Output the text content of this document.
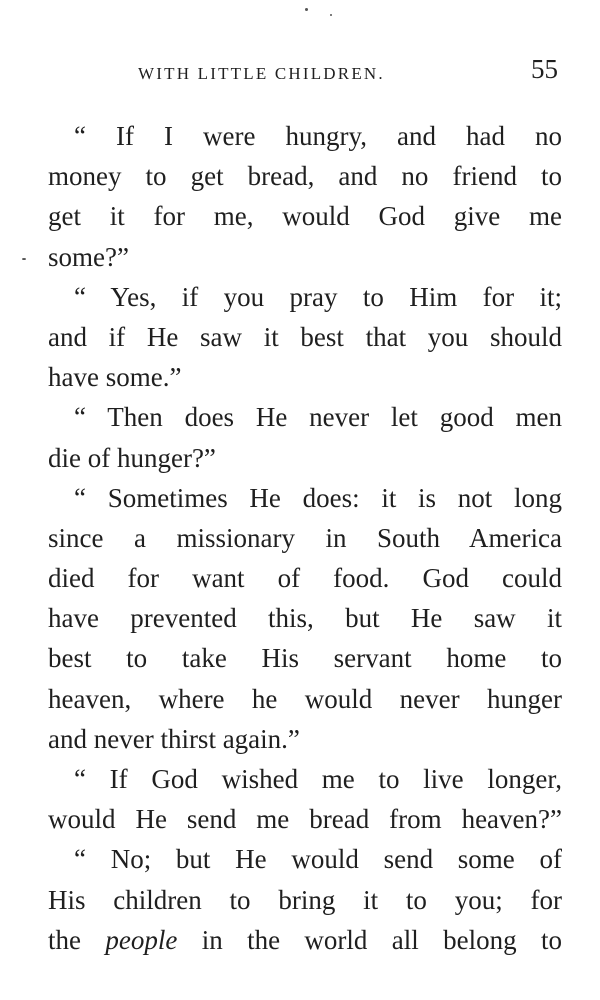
WITH LITTLE CHILDREN.	55
“ If I were hungry, and had no
money to get bread, and no friend to
get it for me, would God give me
some?”
“ Yes, if you pray to Him for it;
and if He saw it best that you should
have some.”
“ Then does He never let good men
die of hunger?”
“ Sometimes He does: it is not long
since a missionary in South America
died for want of food. God could
have prevented this, but He saw it
best to take His servant home to
heaven, where he would never hunger
and never thirst again.”
“ If God wished me to live longer,
would He send me bread from heaven?”
“ No; but He would send some of
His children to bring it to you; for
the people in the world all belong to
